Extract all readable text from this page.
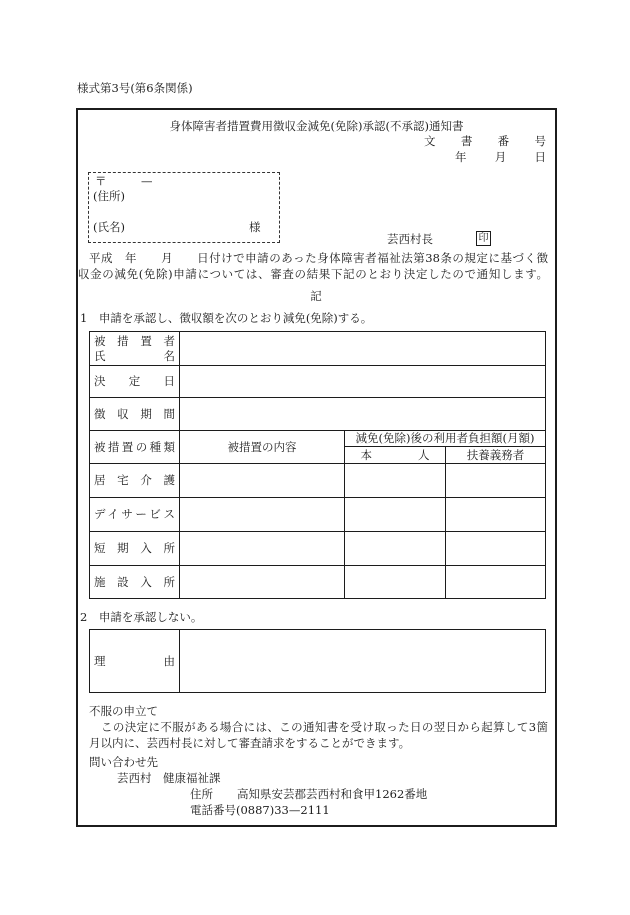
様式第3号(第6条関係)
身体障害者措置費用徴収金減免(免除)承認(不承認)通知書
文書番号
年　　月　　日
〒　　　—
(住所)
(氏名)	様
芸西村長	印
平成　年　　月　　日付けで申請のあった身体障害者福祉法第38条の規定に基づく徴
収金の減免(免除)申請については、審査の結果下記のとおり決定したので通知します。
記
1　申請を承認し、徴収額を次のとおり減免(免除)する。
被措置者
氏名			

決定日			

徴収期間			

被措置の種類	被措置の内容	減免(免除)後の利用者負担額(月額)	

		本人	扶養義務者

居宅介護			

デイサービス			

短期入所			

施設入所			

2　申請を承認しない。
理由

不服の申立て
この決定に不服がある場合には、この通知書を受け取った日の翌日から起算して3箇
月以内に、芸西村長に対して審査請求をすることができます。
問い合わせ先
芸西村　健康福祉課
住所 高知県安芸郡芸西村和食甲1262番地
電話番号(0887)33—2111
